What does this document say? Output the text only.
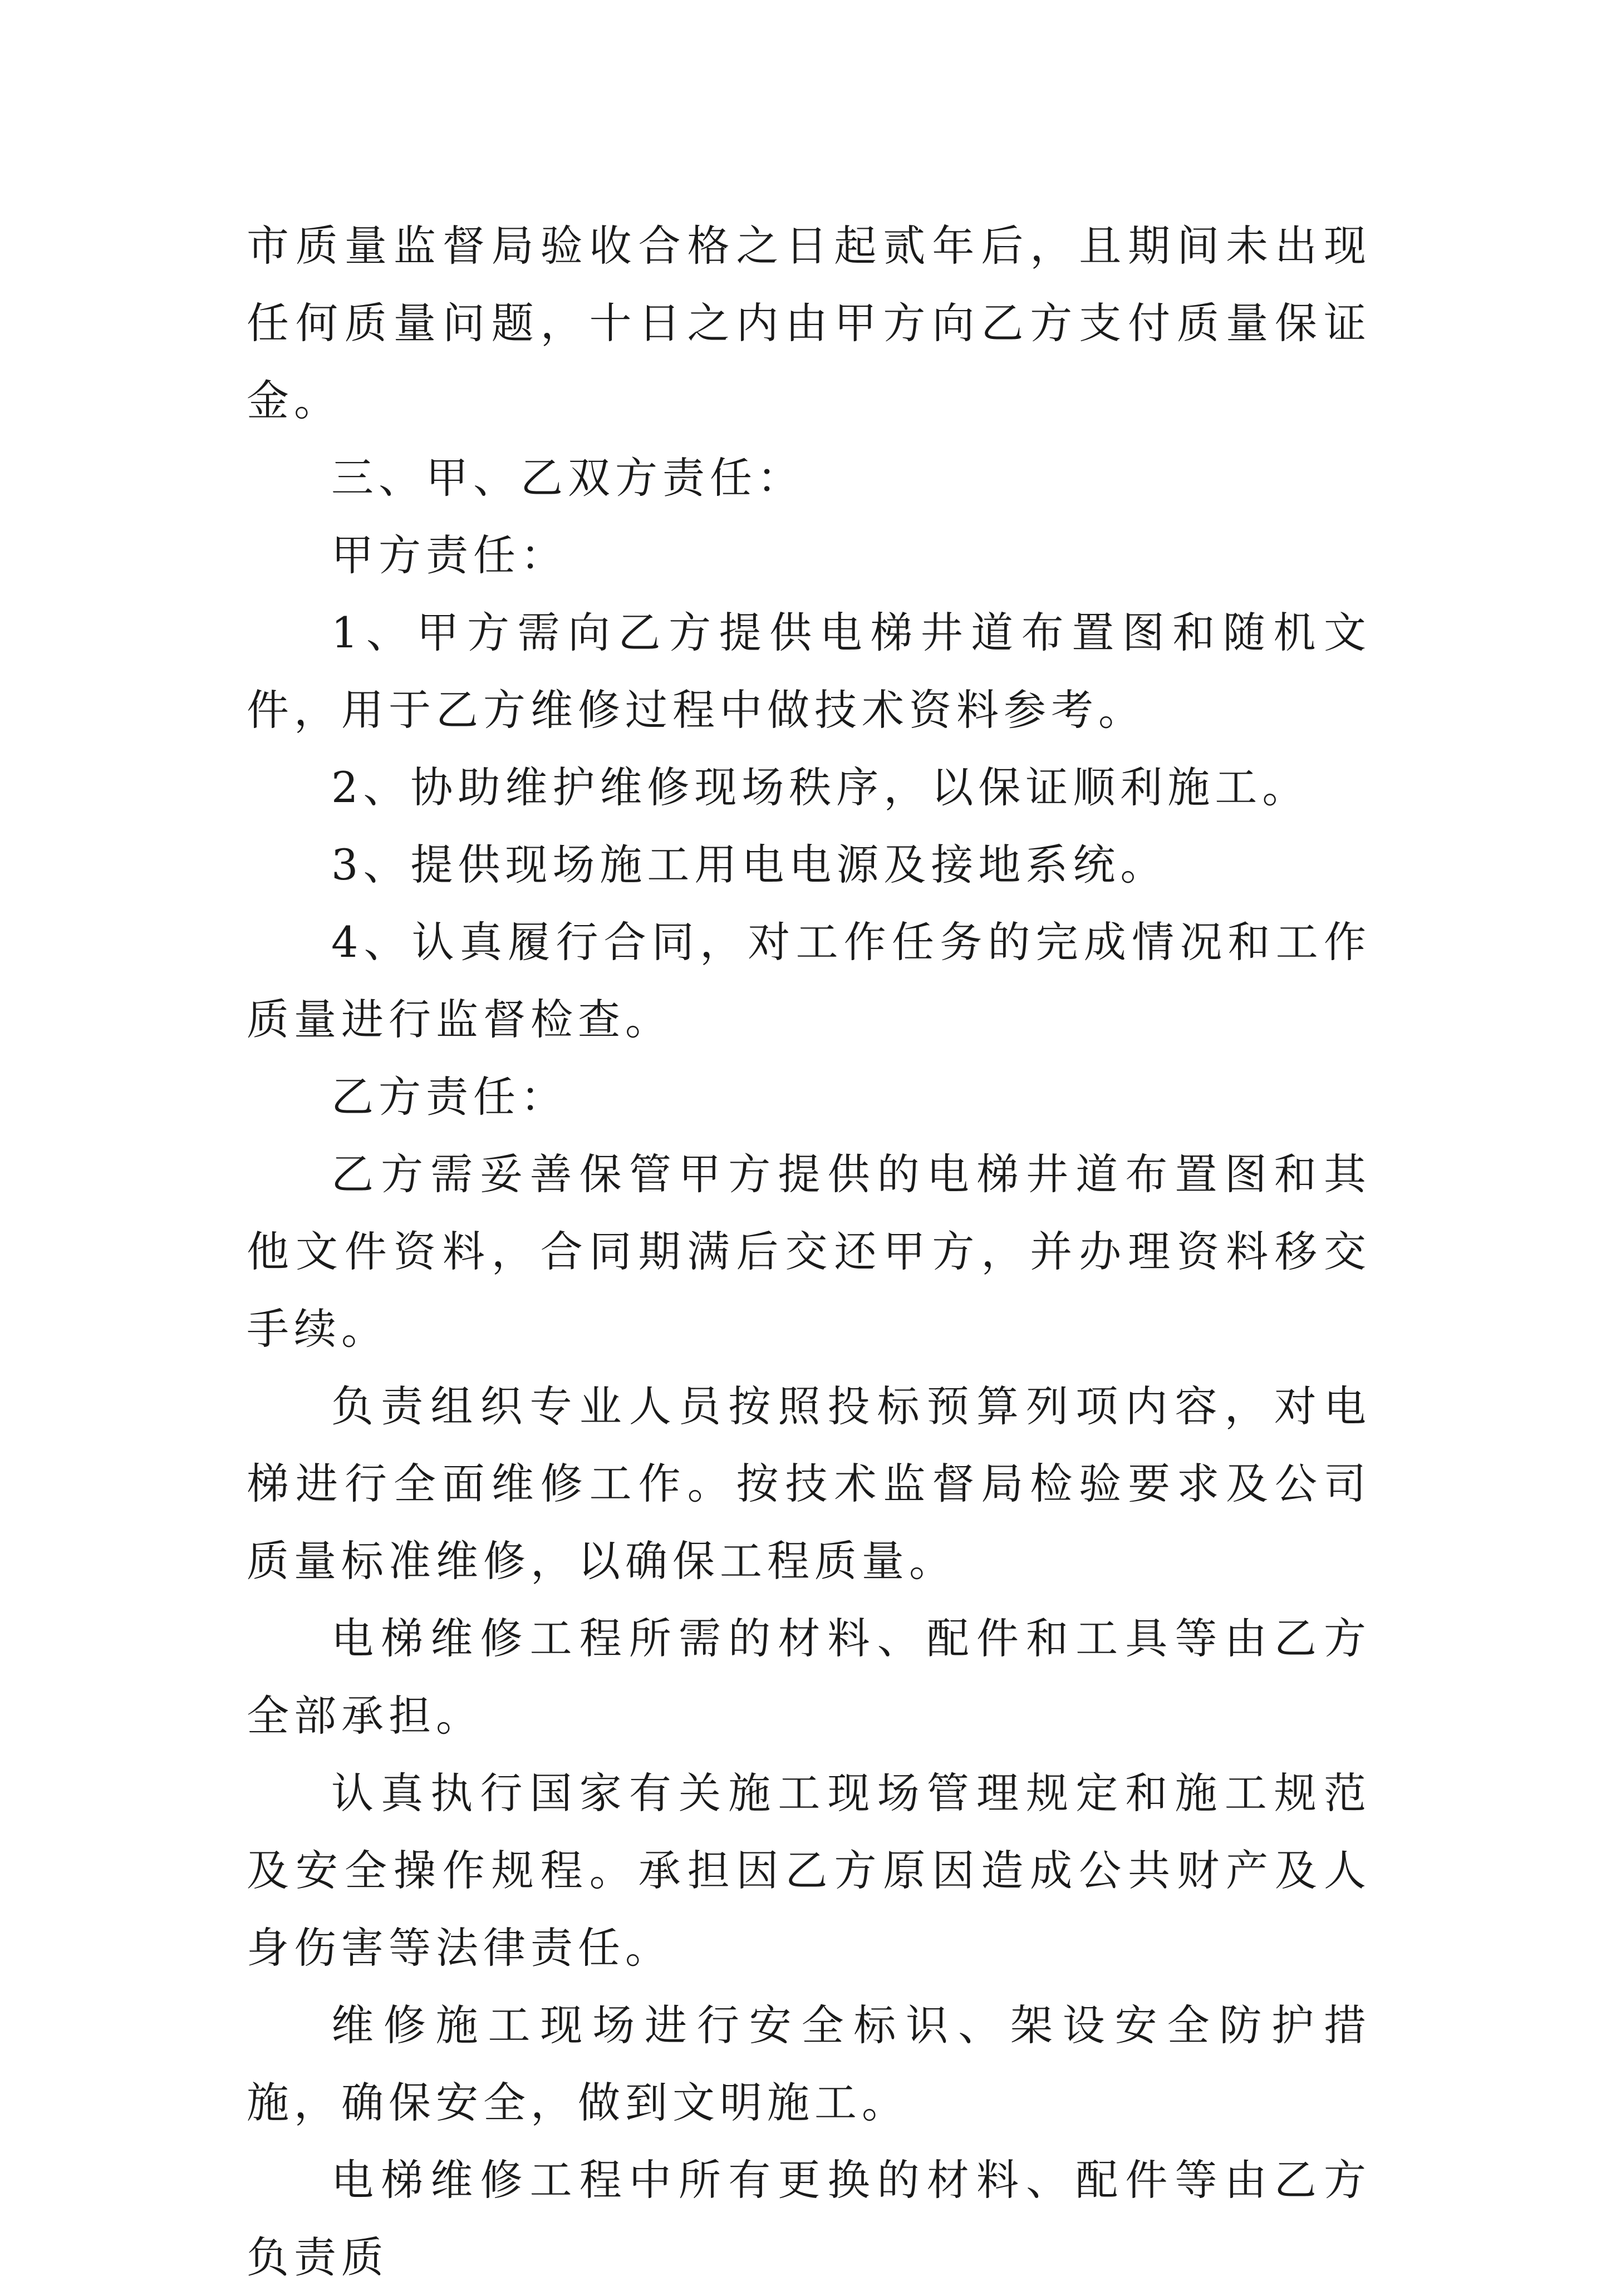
市质量监督局验收合格之日起贰年后，且期间未出现任何质量问题，十日之内由甲方向乙方支付质量保证金。

三、甲、乙双方责任：

甲方责任：

1、甲方需向乙方提供电梯井道布置图和随机文件，用于乙方维修过程中做技术资料参考。

2、协助维护维修现场秩序，以保证顺利施工。

3、提供现场施工用电电源及接地系统。

4、认真履行合同，对工作任务的完成情况和工作质量进行监督检查。

乙方责任：

乙方需妥善保管甲方提供的电梯井道布置图和其他文件资料，合同期满后交还甲方，并办理资料移交手续。

负责组织专业人员按照投标预算列项内容，对电梯进行全面维修工作。按技术监督局检验要求及公司质量标准维修，以确保工程质量。

电梯维修工程所需的材料、配件和工具等由乙方全部承担。

认真执行国家有关施工现场管理规定和施工规范及安全操作规程。承担因乙方原因造成公共财产及人身伤害等法律责任。

维修施工现场进行安全标识、架设安全防护措施，确保安全，做到文明施工。

电梯维修工程中所有更换的材料、配件等由乙方负责质
